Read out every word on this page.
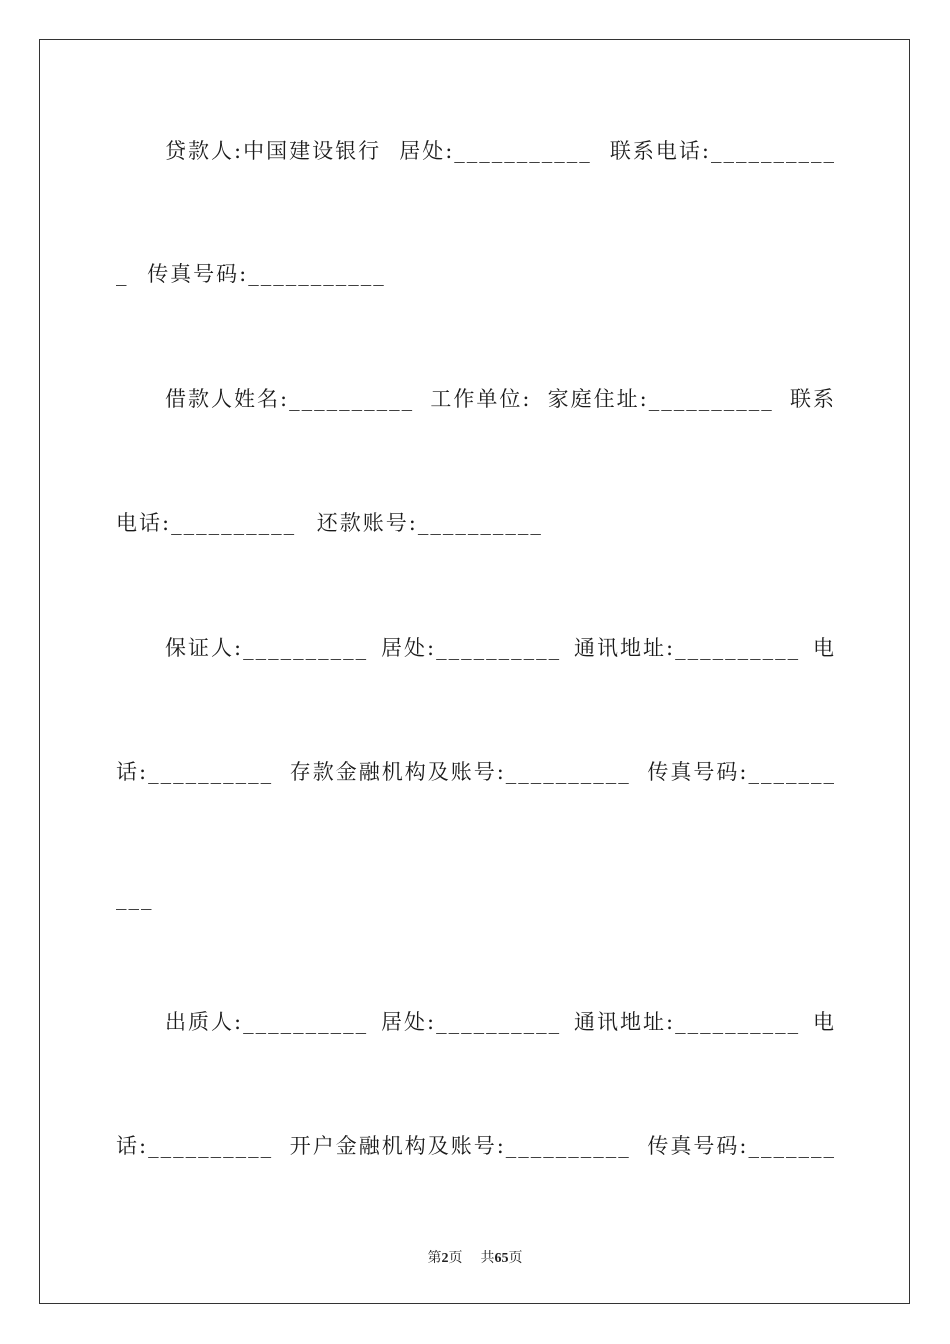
贷款人:中国建设银行 居处:___________ 联系电话:__________
_ 传真号码:___________
借款人姓名:__________ 工作单位: 家庭住址:__________ 联系
电话:__________ 还款账号:__________
保证人:__________ 居处:__________ 通讯地址:__________ 电
话:__________ 存款金融机构及账号:__________ 传真号码:_______
___
出质人:__________ 居处:__________ 通讯地址:__________ 电
话:__________ 开户金融机构及账号:__________ 传真号码:_______
第2页 共65页
